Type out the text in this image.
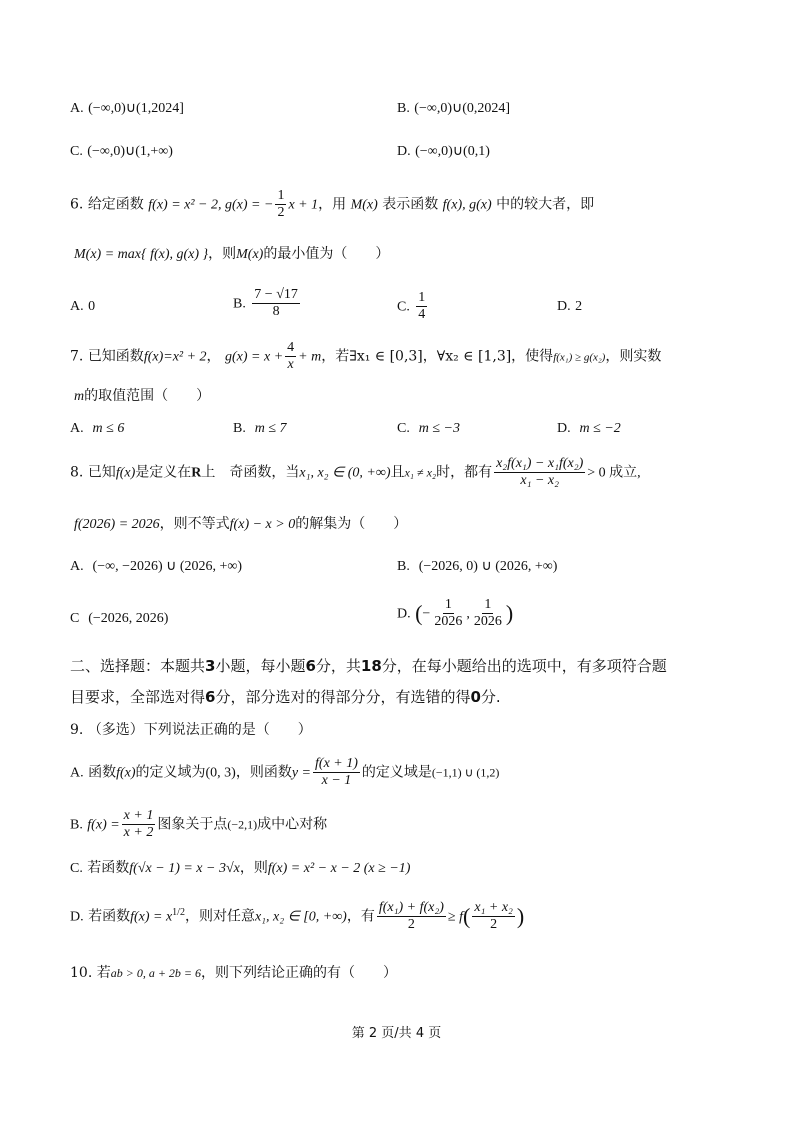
A. (−∞,0)∪(1,2024]	B. (−∞,0)∪(0,2024]
C. (−∞,0)∪(1,+∞)	D. (−∞,0)∪(0,1)
6. 给定函数 f(x) = x² − 2, g(x) = − $\frac{1}{2}$ x + 1，用 M(x) 表示函数 f(x), g(x) 中的较大者，即
M(x) = max{ f(x), g(x) }，则M(x)的最小值为（　　）
A. 0	B. $\frac{7 - √17}{8}$	C. $\frac{1}{4}$	D. 2
7. 已知函数f(x)=x² + 2， $g(x) = x + \frac{4}{x} + m$，若∃x₁ ∈ [0,3]，∀x₂ ∈ [1,3]，使得f(x₁) ≥ g(x₂)，则实数
m的取值范围（　　）
A. m ≤ 6	B. m ≤ 7	C. m ≤ −3	D. m ≤ −2
8. 已知f(x)是定义在R上　奇函数，当x₁, x₂ ∈ (0, +∞)且x₁ ≠ x₂时，都有 $\frac{\text{x₂f(x₁) − x₁f(x₂)}}{\text{x₁ − x₂}} > 0$ 成立,
f(2026) = 2026，则不等式f(x) − x > 0的解集为（　　）
A. (−∞, −2026) ∪ (2026, +∞)	B. (−2026, 0) ∪ (2026, +∞)
C (−2026, 2026)	D. (− $\frac{1}{2026}$ , $\frac{1}{2026}$ )
二、选择题：本题共3小题，每小题6分，共18分，在每小题给出的选项中，有多项符合题
目要求，全部选对得6分，部分选对的得部分分，有选错的得0分.
9. （多选）下列说法正确的是（　　）
A. 函数f(x)的定义域为(0, 3)，则函数$y = \frac{f(x + 1)}{x - 1}$ 的定义域是(−1,1) ∪ (1,2)
B. $f(x) = \frac{x + 1}{x + 2}$ 图象关于点(−2,1)成中心对称
C. 若函数f(√x − 1) = x − 3√x，则f(x) = x² − x − 2 (x ≥ −1)
D. 若函数$f(x) = x^{1/2}$，则对任意x₁, x₂ ∈ [0, +∞)，有 $\frac{\text{f(x₁) + f(x₂)}}{2} \ge f( \frac{\text{x₁ + x₂}}{2}$ )
10. 若ab > 0, a + 2b = 6，则下列结论正确的有（　　）
第 2 页/共 4 页
